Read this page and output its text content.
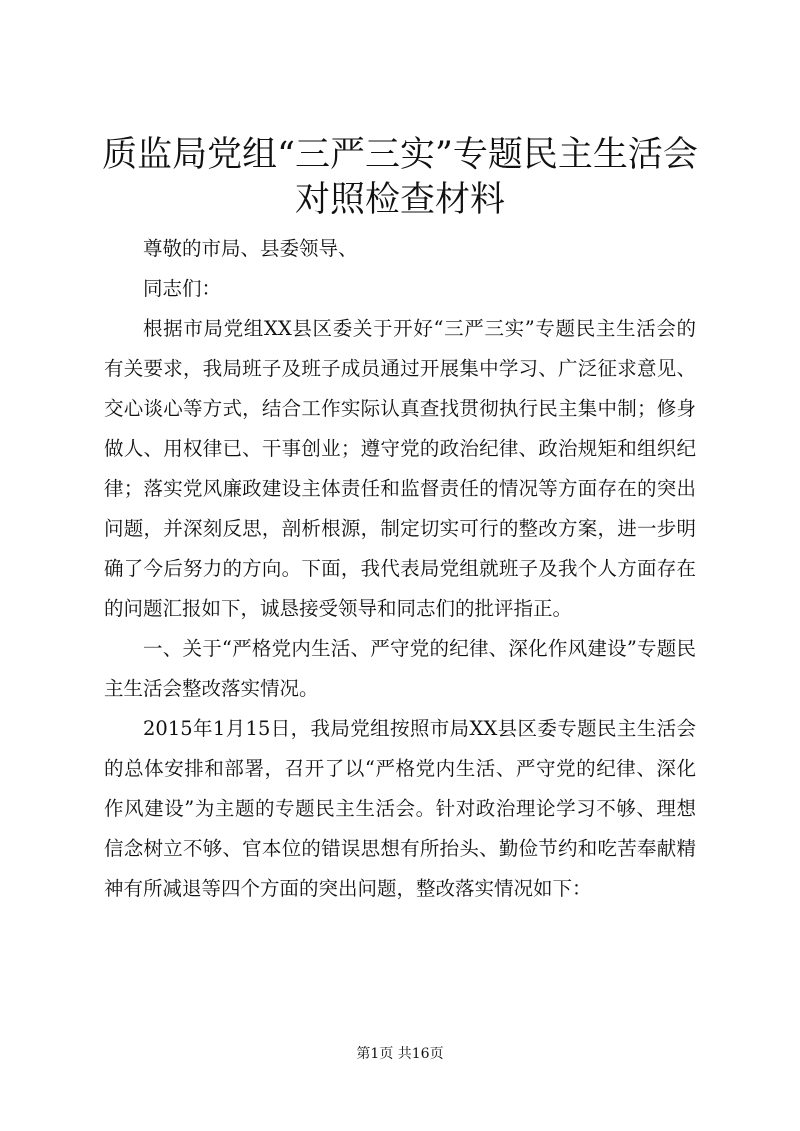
质监局党组“三严三实”专题民主生活会对照检查材料

尊敬的市局、县委领导、

同志们：

根据市局党组XX县区委关于开好“三严三实”专题民主生活会的有关要求，我局班子及班子成员通过开展集中学习、广泛征求意见、交心谈心等方式，结合工作实际认真查找贯彻执行民主集中制；修身做人、用权律已、干事创业；遵守党的政治纪律、政治规矩和组织纪律；落实党风廉政建设主体责任和监督责任的情况等方面存在的突出问题，并深刻反思，剖析根源，制定切实可行的整改方案，进一步明确了今后努力的方向。下面，我代表局党组就班子及我个人方面存在的问题汇报如下，诚恳接受领导和同志们的批评指正。

一、关于“严格党内生活、严守党的纪律、深化作风建设”专题民主生活会整改落实情况。

2015年1月15日，我局党组按照市局XX县区委专题民主生活会的总体安排和部署，召开了以“严格党内生活、严守党的纪律、深化作风建设”为主题的专题民主生活会。针对政治理论学习不够、理想信念树立不够、官本位的错误思想有所抬头、勤俭节约和吃苦奉献精神有所减退等四个方面的突出问题，整改落实情况如下：

第1页 共16页
